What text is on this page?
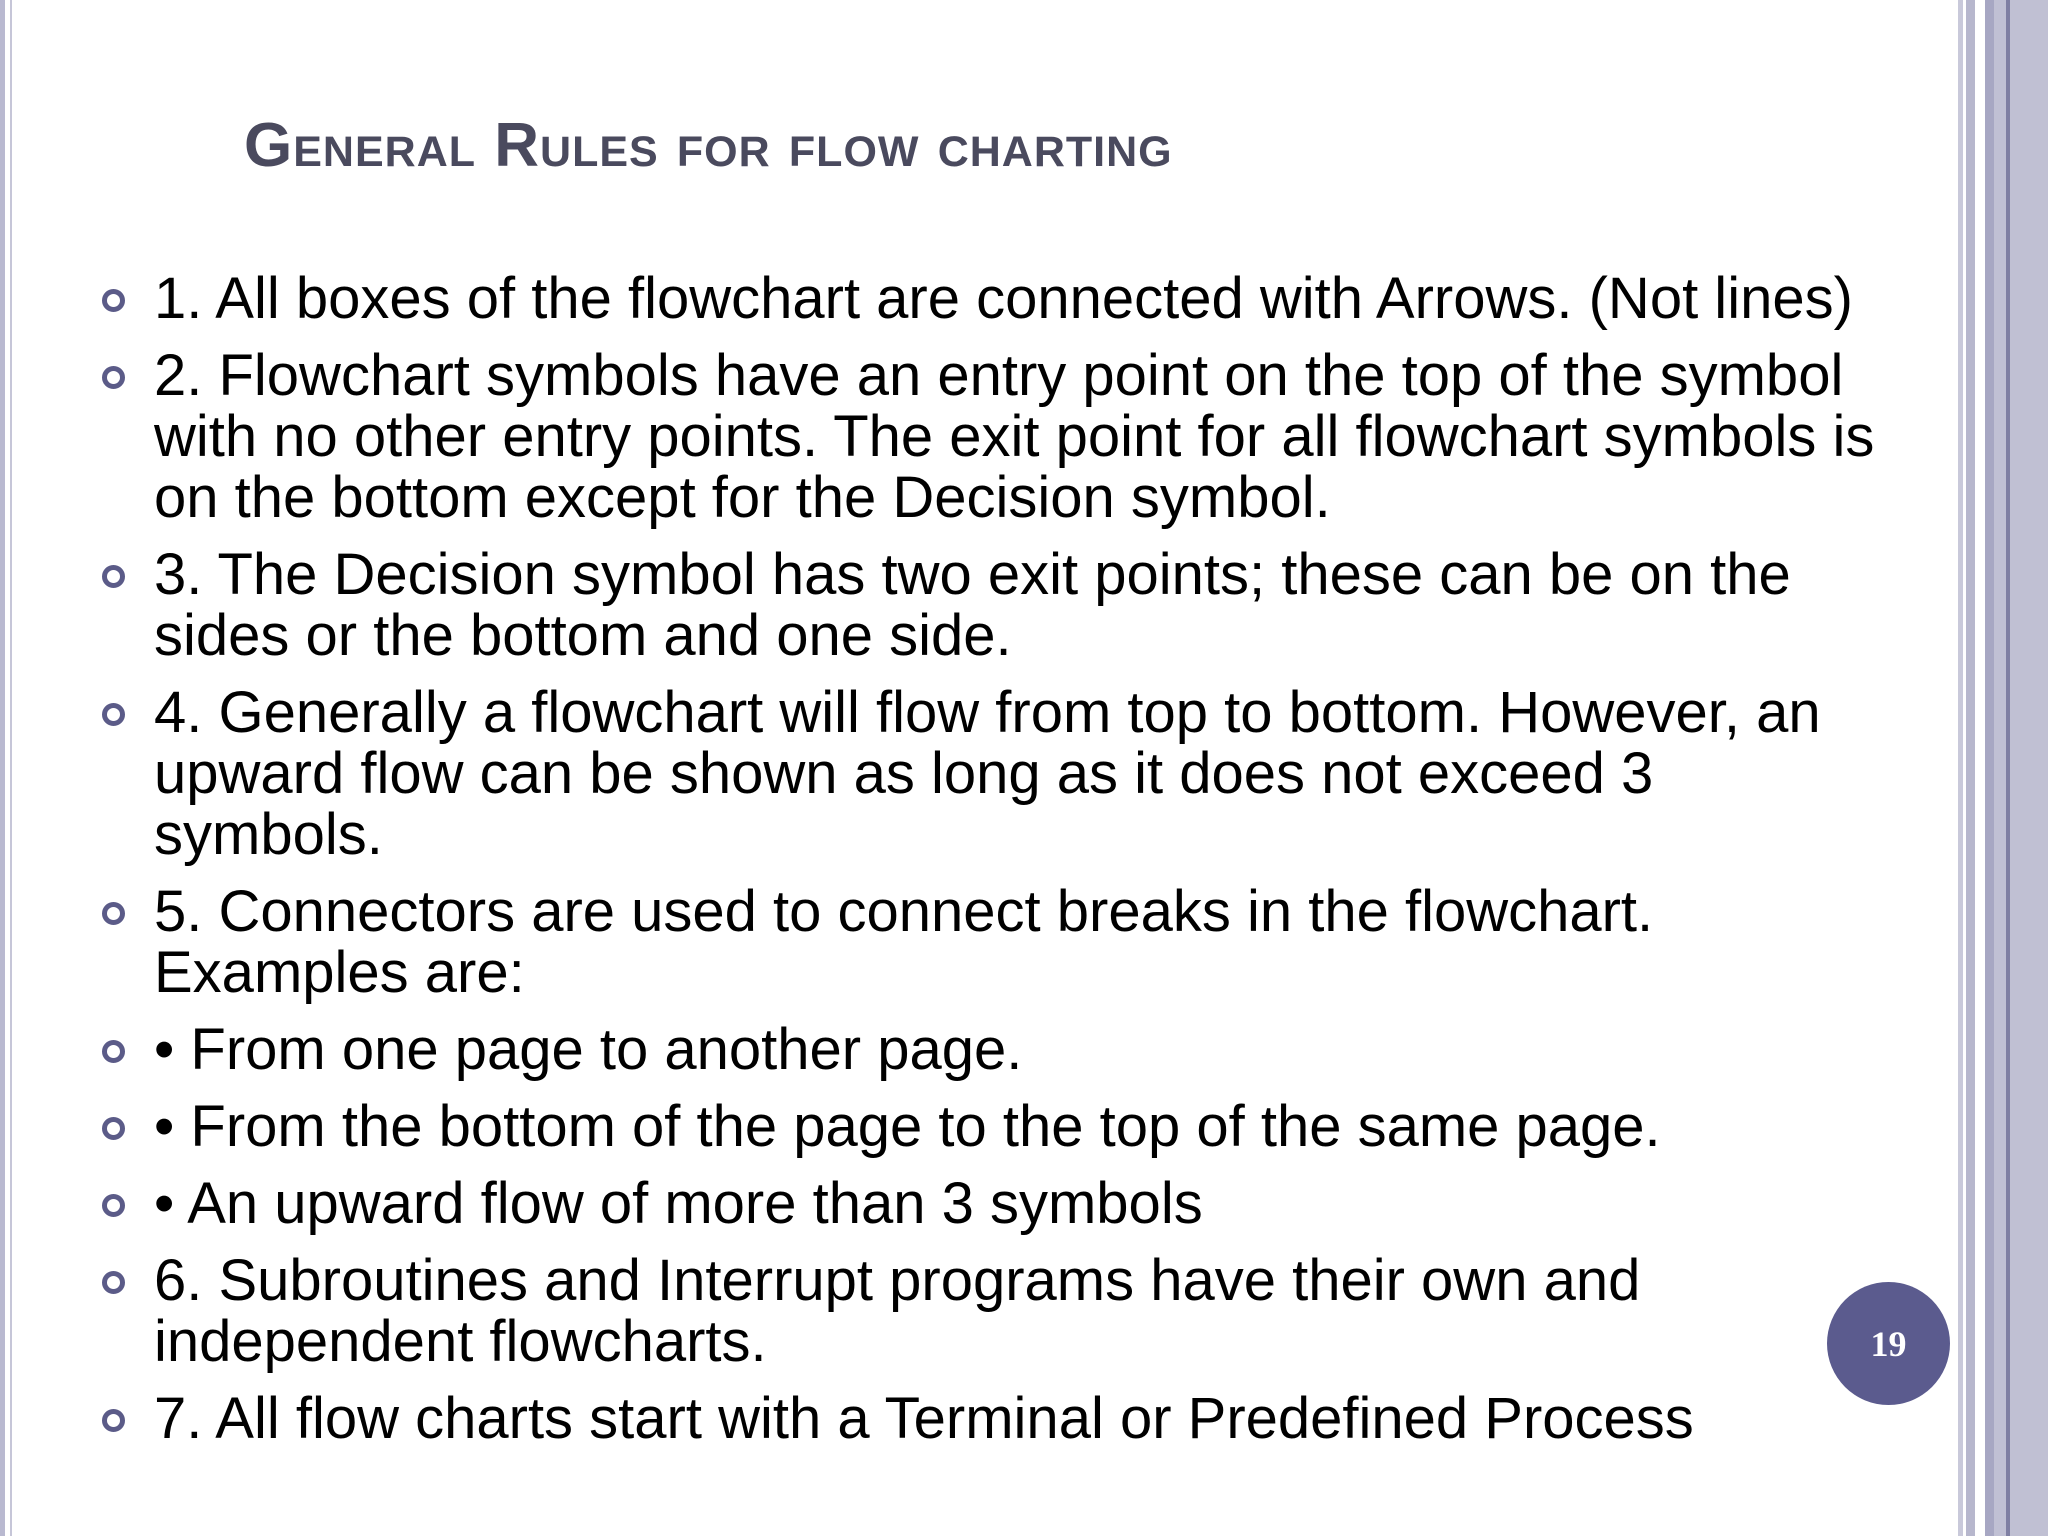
General Rules for flow charting
1. All boxes of the flowchart are connected with Arrows. (Not lines)
2. Flowchart symbols have an entry point on the top of the symbol with no other entry points. The exit point for all flowchart symbols is on the bottom except for the Decision symbol.
3. The Decision symbol has two exit points; these can be on the sides or the bottom and one side.
4. Generally a flowchart will flow from top to bottom. However, an upward flow can be shown as long as it does not exceed 3 symbols.
5. Connectors are used to connect breaks in the flowchart. Examples are:
• From one page to another page.
• From the bottom of the page to the top of the same page.
• An upward flow of more than 3 symbols
6. Subroutines and Interrupt programs have their own and independent flowcharts.
7. All flow charts start with a Terminal or Predefined Process
19
